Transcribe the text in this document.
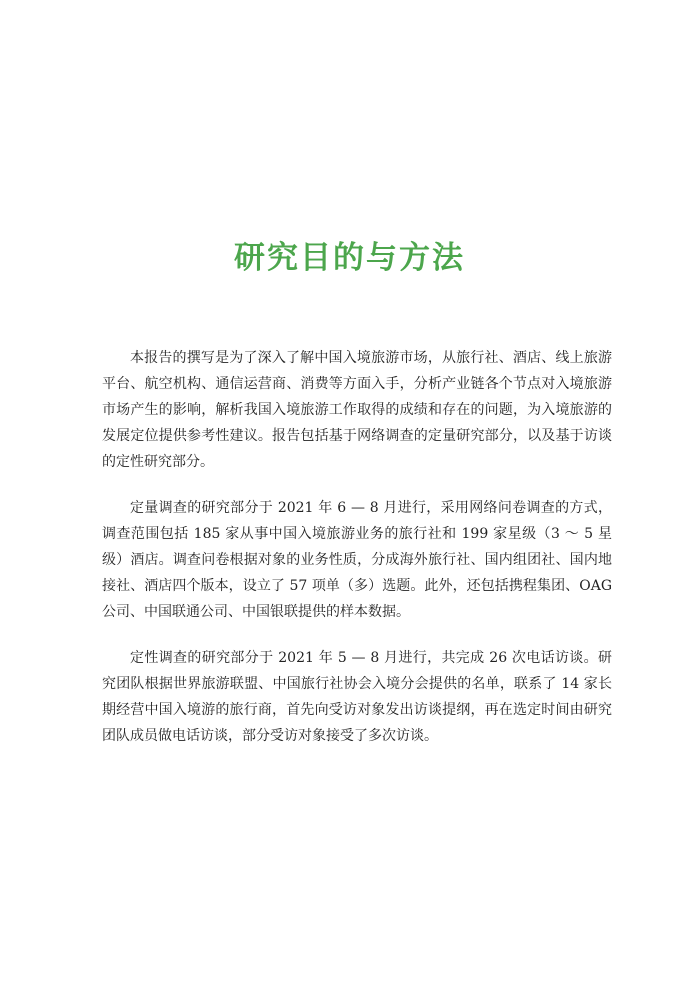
研究目的与方法

本报告的撰写是为了深入了解中国入境旅游市场，从旅行社、酒店、线上旅游平台、航空机构、通信运营商、消费等方面入手，分析产业链各个节点对入境旅游市场产生的影响，解析我国入境旅游工作取得的成绩和存在的问题，为入境旅游的发展定位提供参考性建议。报告包括基于网络调查的定量研究部分，以及基于访谈的定性研究部分。

定量调查的研究部分于 2021 年 6 — 8 月进行，采用网络问卷调查的方式，调查范围包括 185 家从事中国入境旅游业务的旅行社和 199 家星级（3 ～ 5 星级）酒店。调查问卷根据对象的业务性质，分成海外旅行社、国内组团社、国内地接社、酒店四个版本，设立了 57 项单（多）选题。此外，还包括携程集团、OAG 公司、中国联通公司、中国银联提供的样本数据。

定性调查的研究部分于 2021 年 5 — 8 月进行，共完成 26 次电话访谈。研究团队根据世界旅游联盟、中国旅行社协会入境分会提供的名单，联系了 14 家长期经营中国入境游的旅行商，首先向受访对象发出访谈提纲，再在选定时间由研究团队成员做电话访谈，部分受访对象接受了多次访谈。
